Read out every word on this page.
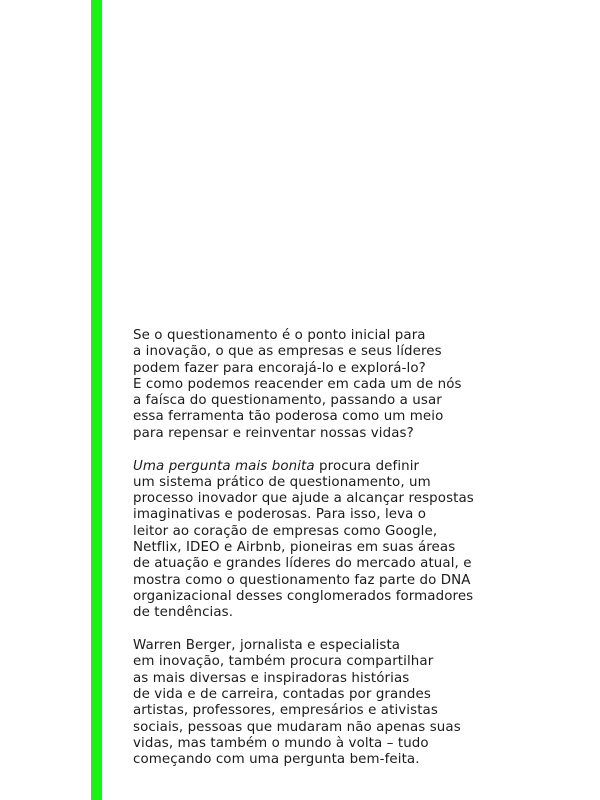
Se o questionamento é o ponto inicial para
a inovação, o que as empresas e seus líderes
podem fazer para encorajá-lo e explorá-lo?
E como podemos reacender em cada um de nós
a faísca do questionamento, passando a usar
essa ferramenta tão poderosa como um meio
para repensar e reinventar nossas vidas?

Uma pergunta mais bonita procura definir
um sistema prático de questionamento, um
processo inovador que ajude a alcançar respostas
imaginativas e poderosas. Para isso, leva o
leitor ao coração de empresas como Google,
Netflix, IDEO e Airbnb, pioneiras em suas áreas
de atuação e grandes líderes do mercado atual, e
mostra como o questionamento faz parte do DNA
organizacional desses conglomerados formadores
de tendências.

Warren Berger, jornalista e especialista
em inovação, também procura compartilhar
as mais diversas e inspiradoras histórias
de vida e de carreira, contadas por grandes
artistas, professores, empresários e ativistas
sociais, pessoas que mudaram não apenas suas
vidas, mas também o mundo à volta – tudo
começando com uma pergunta bem-feita.
